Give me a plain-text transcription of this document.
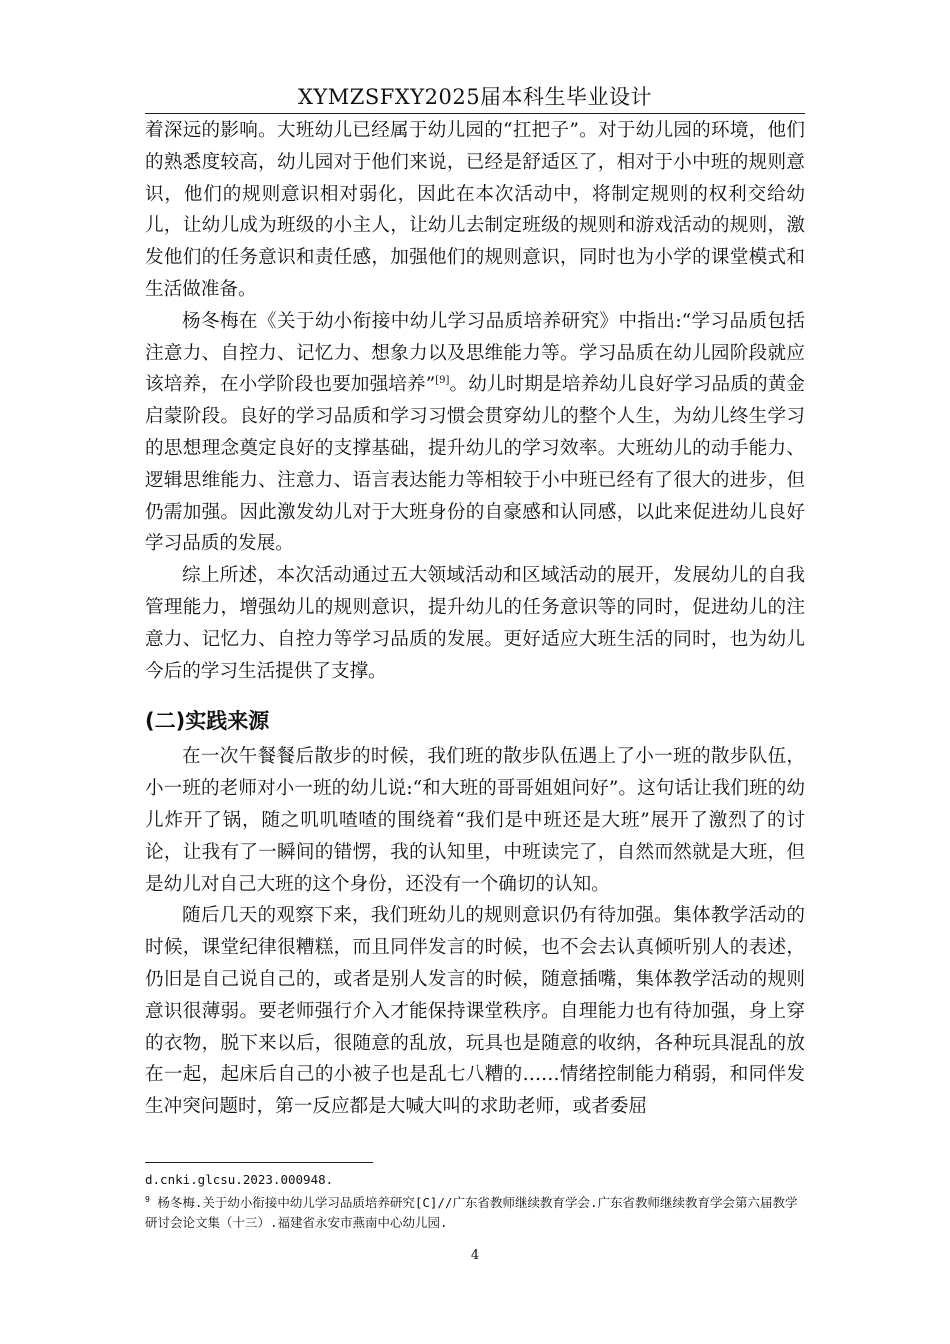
XYMZSFXY2025届本科生毕业设计

着深远的影响。大班幼儿已经属于幼儿园的“扛把子”。对于幼儿园的环境，他们的熟悉度较高，幼儿园对于他们来说，已经是舒适区了，相对于小中班的规则意识，他们的规则意识相对弱化，因此在本次活动中，将制定规则的权利交给幼儿，让幼儿成为班级的小主人，让幼儿去制定班级的规则和游戏活动的规则，激发他们的任务意识和责任感，加强他们的规则意识，同时也为小学的课堂模式和生活做准备。

杨冬梅在《关于幼小衔接中幼儿学习品质培养研究》中指出:“学习品质包括注意力、自控力、记忆力、想象力以及思维能力等。学习品质在幼儿园阶段就应该培养，在小学阶段也要加强培养”[9]。幼儿时期是培养幼儿良好学习品质的黄金启蒙阶段。良好的学习品质和学习习惯会贯穿幼儿的整个人生，为幼儿终生学习的思想理念奠定良好的支撑基础，提升幼儿的学习效率。大班幼儿的动手能力、逻辑思维能力、注意力、语言表达能力等相较于小中班已经有了很大的进步，但仍需加强。因此激发幼儿对于大班身份的自豪感和认同感，以此来促进幼儿良好学习品质的发展。

综上所述，本次活动通过五大领域活动和区域活动的展开，发展幼儿的自我管理能力，增强幼儿的规则意识，提升幼儿的任务意识等的同时，促进幼儿的注意力、记忆力、自控力等学习品质的发展。更好适应大班生活的同时，也为幼儿今后的学习生活提供了支撑。

(二)实践来源

在一次午餐餐后散步的时候，我们班的散步队伍遇上了小一班的散步队伍，小一班的老师对小一班的幼儿说:“和大班的哥哥姐姐问好”。这句话让我们班的幼儿炸开了锅，随之叽叽喳喳的围绕着“我们是中班还是大班”展开了激烈了的讨论，让我有了一瞬间的错愣，我的认知里，中班读完了，自然而然就是大班，但是幼儿对自己大班的这个身份，还没有一个确切的认知。

随后几天的观察下来，我们班幼儿的规则意识仍有待加强。集体教学活动的时候，课堂纪律很糟糕，而且同伴发言的时候，也不会去认真倾听别人的表述，仍旧是自己说自己的，或者是别人发言的时候，随意插嘴，集体教学活动的规则意识很薄弱。要老师强行介入才能保持课堂秩序。自理能力也有待加强，身上穿的衣物，脱下来以后，很随意的乱放，玩具也是随意的收纳，各种玩具混乱的放在一起，起床后自己的小被子也是乱七八糟的……情绪控制能力稍弱，和同伴发生冲突问题时，第一反应都是大喊大叫的求助老师，或者委屈

d.cnki.glcsu.2023.000948.

$^9$ 杨冬梅.关于幼小衔接中幼儿学习品质培养研究[C]//广东省教师继续教育学会.广东省教师继续教育学会第六届教学研讨会论文集（十三）.福建省永安市燕南中心幼儿园.

4
